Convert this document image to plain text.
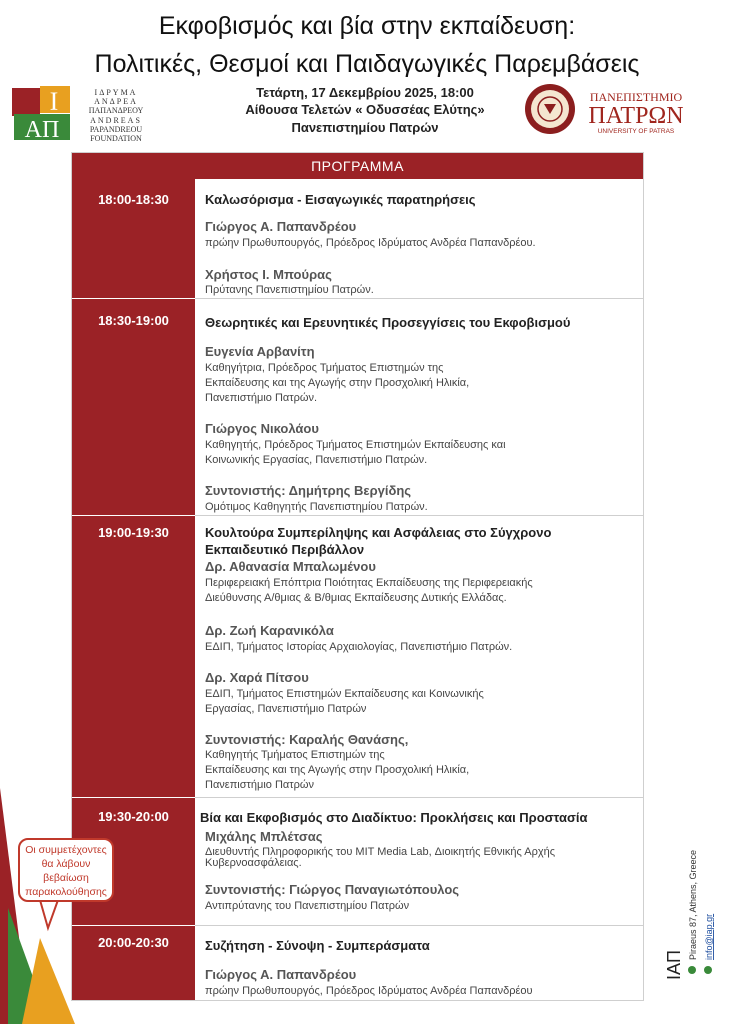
Εκφοβισμός και βία στην εκπαίδευση:
Πολιτικές, Θεσμοί και Παιδαγωγικές Παρεμβάσεις
Ι
ΑΠ
ΙΔΡΥΜΑ
ΑΝΔΡΕΑ
ΠΑΠΑΝΔΡΕΟΥ
ANDREAS
PAPANDREOU
FOUNDATION
Τετάρτη, 17 Δεκεμβρίου 2025, 18:00
Αίθουσα Τελετών « Οδυσσέας Ελύτης»
Πανεπιστημίου Πατρών
ΠΑΝΕΠΙΣΤΗΜΙΟ
ΠΑΤΡΩΝ
UNIVERSITY OF PATRAS
ΠΡΟΓΡΑΜΜΑ
18:00-18:30	Καλωσόρισμα - Εισαγωγικές παρατηρήσεις
Γιώργος Α. Παπανδρέου
πρώην Πρωθυπουργός, Πρόεδρος Ιδρύματος Ανδρέα Παπανδρέου.
Χρήστος Ι. Μπούρας
Πρύτανης Πανεπιστημίου Πατρών.
18:30-19:00	Θεωρητικές και Ερευνητικές Προσεγγίσεις του Εκφοβισμού
Ευγενία Αρβανίτη
Καθηγήτρια, Πρόεδρος Τμήματος Επιστημών της
Εκπαίδευσης και της Αγωγής στην Προσχολική Ηλικία,
Πανεπιστήμιο Πατρών.
Γιώργος Νικολάου
Καθηγητής, Πρόεδρος Τμήματος Επιστημών Εκπαίδευσης και
Κοινωνικής Εργασίας, Πανεπιστήμιο Πατρών.
Συντονιστής: Δημήτρης Βεργίδης
Ομότιμος Καθηγητής Πανεπιστημίου Πατρών.
19:00-19:30	Κουλτούρα Συμπερίληψης και Ασφάλειας στο Σύγχρονο
Εκπαιδευτικό Περιβάλλον
Δρ. Αθανασία Μπαλωμένου
Περιφερειακή Επόπτρια Ποιότητας Εκπαίδευσης της Περιφερειακής
Διεύθυνσης Α/θμιας & Β/θμιας Εκπαίδευσης Δυτικής Ελλάδας.
Δρ. Ζωή Καρανικόλα
ΕΔΙΠ, Τμήματος Ιστορίας Αρχαιολογίας, Πανεπιστήμιο Πατρών.
Δρ. Χαρά Πίτσου
ΕΔΙΠ, Τμήματος Επιστημών Εκπαίδευσης και Κοινωνικής
Εργασίας, Πανεπιστήμιο Πατρών
Συντονιστής: Καραλής Θανάσης,
Καθηγητής Τμήματος Επιστημών της
Εκπαίδευσης και της Αγωγής στην Προσχολική Ηλικία,
Πανεπιστήμιο Πατρών
19:30-20:00	Βία και Εκφοβισμός στο Διαδίκτυο: Προκλήσεις και Προστασία
Μιχάλης Μπλέτσας
Διευθυντής Πληροφορικής του MIT Media Lab, Διοικητής Εθνικής Αρχής
Κυβερνοασφάλειας.
Συντονιστής: Γιώργος Παναγιωτόπουλος
Αντιπρύτανης του Πανεπιστημίου Πατρών
20:00-20:30	Συζήτηση - Σύνοψη - Συμπεράσματα
Γιώργος Α. Παπανδρέου
πρώην Πρωθυπουργός, Πρόεδρος Ιδρύματος Ανδρέα Παπανδρέου
Οι συμμετέχοντες
θα λάβουν
βεβαίωση
παρακολούθησης
ΙΑΠ
Piraeus 87, Athens, Greece info@iap.gr
